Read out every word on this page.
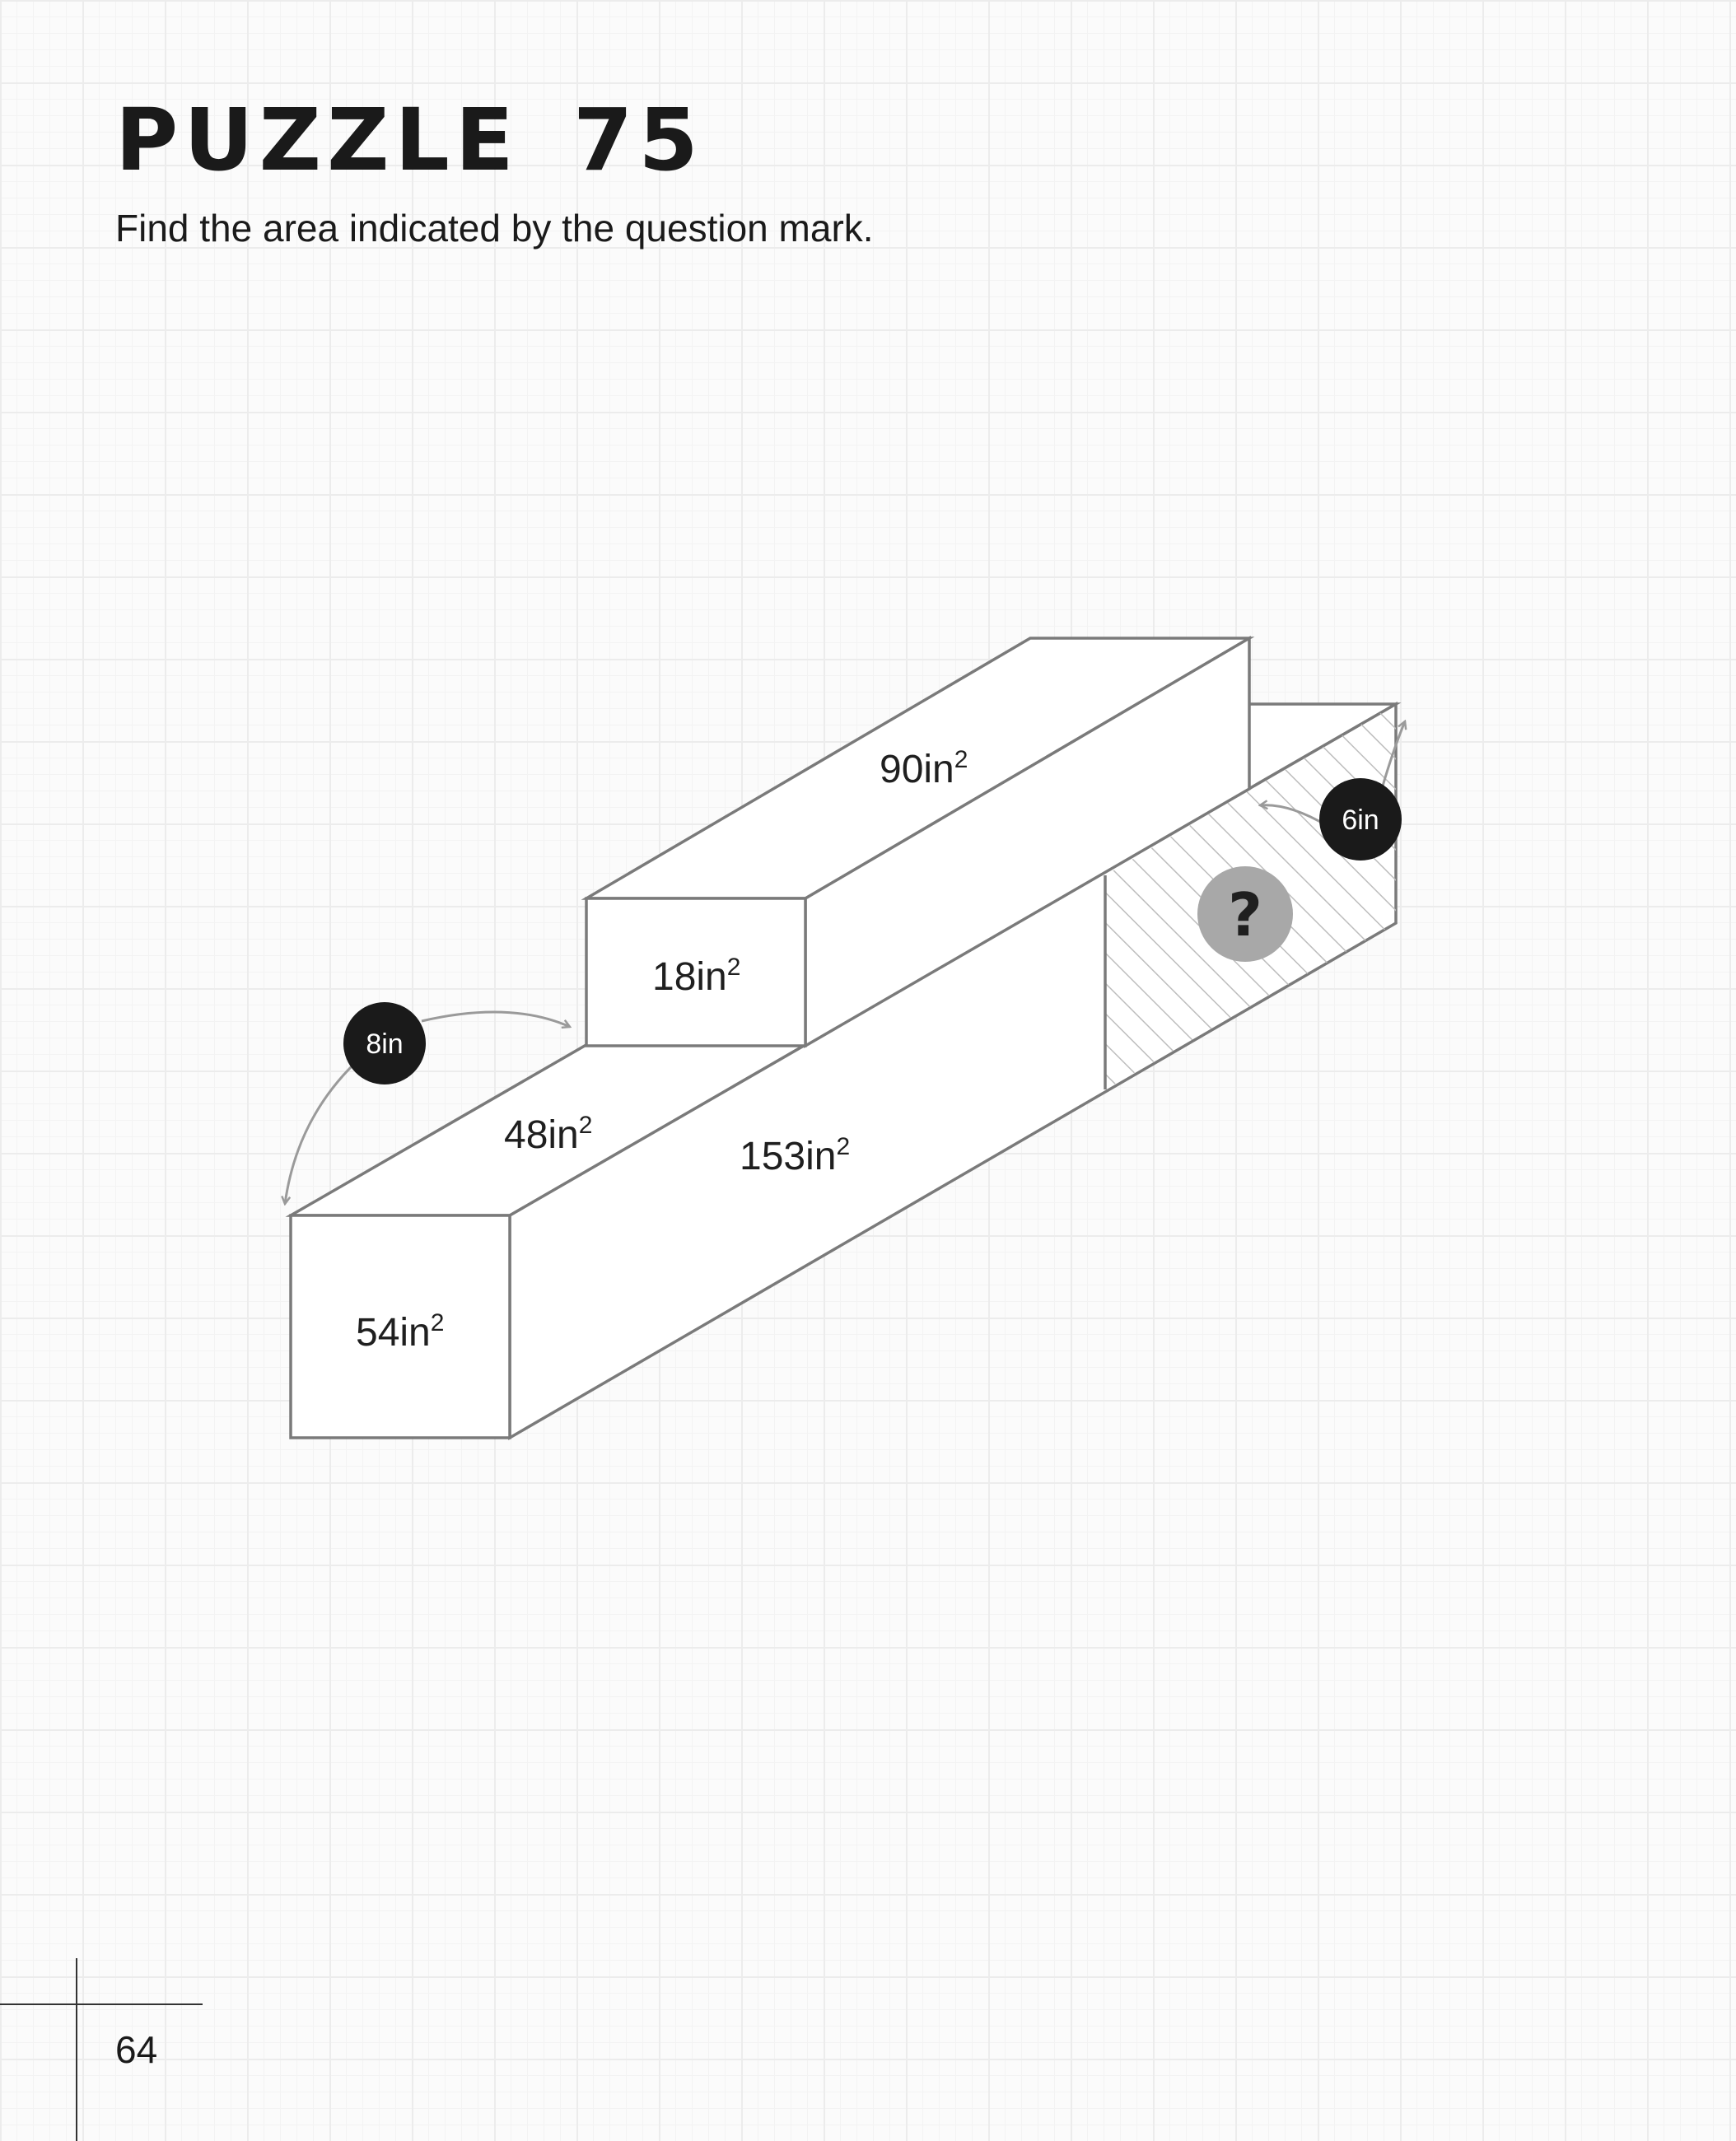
PUZZLE 75

Find the area indicated by the question mark.

$54in^2$
$48in^2$
$153in^2$
$18in^2$
$90in^2$
8in
6in
?
64
